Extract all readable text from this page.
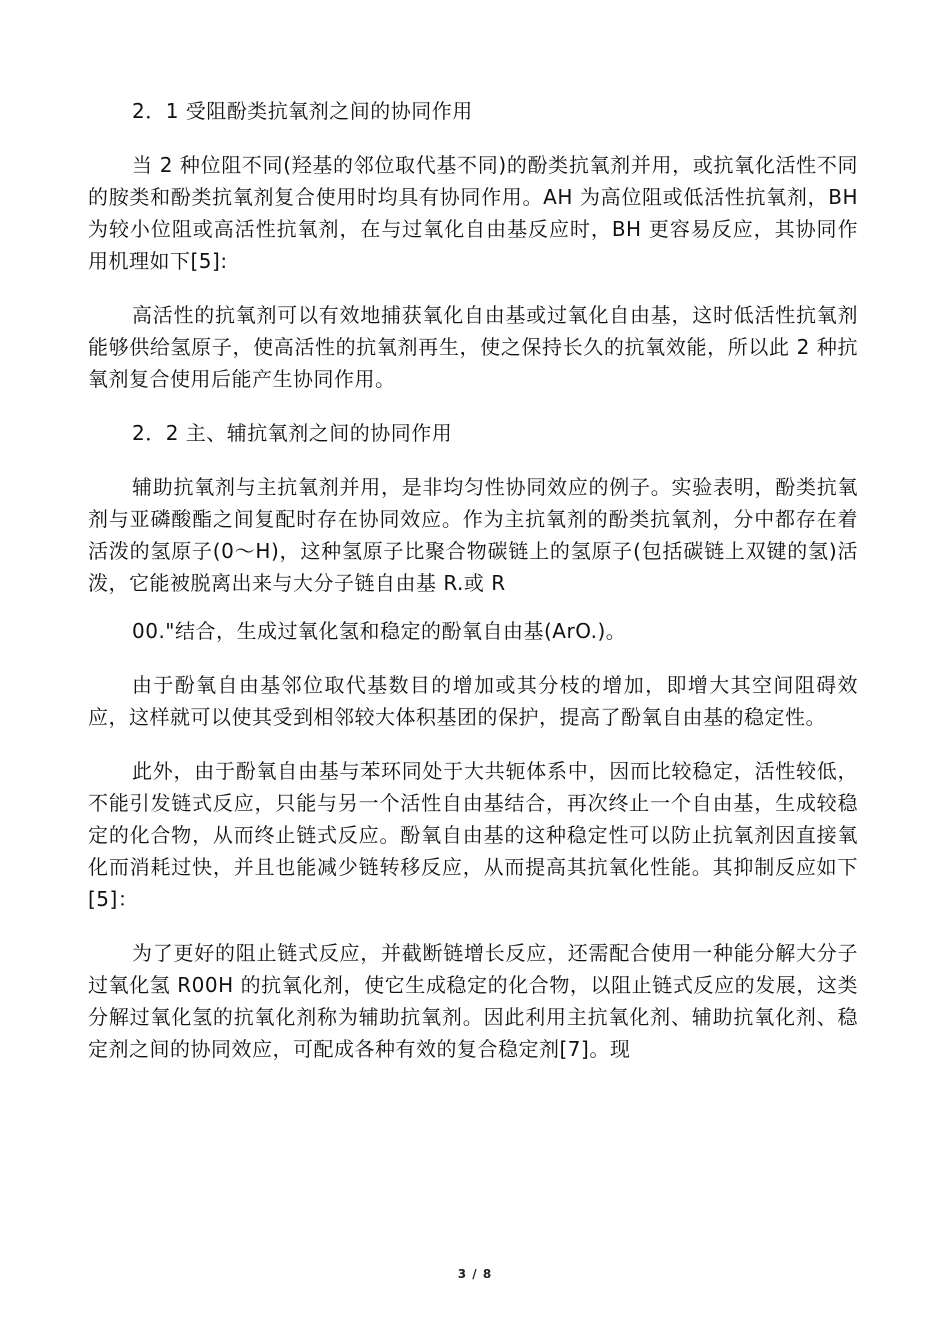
2．1 受阻酚类抗氧剂之间的协同作用

当 2 种位阻不同(羟基的邻位取代基不同)的酚类抗氧剂并用，或抗氧化活性不同的胺类和酚类抗氧剂复合使用时均具有协同作用。AH 为高位阻或低活性抗氧剂，BH 为较小位阻或高活性抗氧剂，在与过氧化自由基反应时，BH 更容易反应，其协同作用机理如下[5]:

高活性的抗氧剂可以有效地捕获氧化自由基或过氧化自由基，这时低活性抗氧剂能够供给氢原子，使高活性的抗氧剂再生，使之保持长久的抗氧效能，所以此 2 种抗氧剂复合使用后能产生协同作用。

2．2 主、辅抗氧剂之间的协同作用

辅助抗氧剂与主抗氧剂并用，是非均匀性协同效应的例子。实验表明，酚类抗氧剂与亚磷酸酯之间复配时存在协同效应。作为主抗氧剂的酚类抗氧剂，分中都存在着活泼的氢原子(0～H)，这种氢原子比聚合物碳链上的氢原子(包括碳链上双键的氢)活泼，它能被脱离出来与大分子链自由基 R.或 R

00."结合，生成过氧化氢和稳定的酚氧自由基(ArO.)。

由于酚氧自由基邻位取代基数目的增加或其分枝的增加，即增大其空间阻碍效应，这样就可以使其受到相邻较大体积基团的保护，提高了酚氧自由基的稳定性。

此外，由于酚氧自由基与苯环同处于大共轭体系中，因而比较稳定，活性较低，不能引发链式反应，只能与另一个活性自由基结合，再次终止一个自由基，生成较稳定的化合物，从而终止链式反应。酚氧自由基的这种稳定性可以防止抗氧剂因直接氧化而消耗过快，并且也能减少链转移反应，从而提高其抗氧化性能。其抑制反应如下[5]：

为了更好的阻止链式反应，并截断链增长反应，还需配合使用一种能分解大分子过氧化氢 R00H 的抗氧化剂，使它生成稳定的化合物，以阻止链式反应的发展，这类分解过氧化氢的抗氧化剂称为辅助抗氧剂。因此利用主抗氧化剂、辅助抗氧化剂、稳定剂之间的协同效应，可配成各种有效的复合稳定剂[7]。现

3 / 8
